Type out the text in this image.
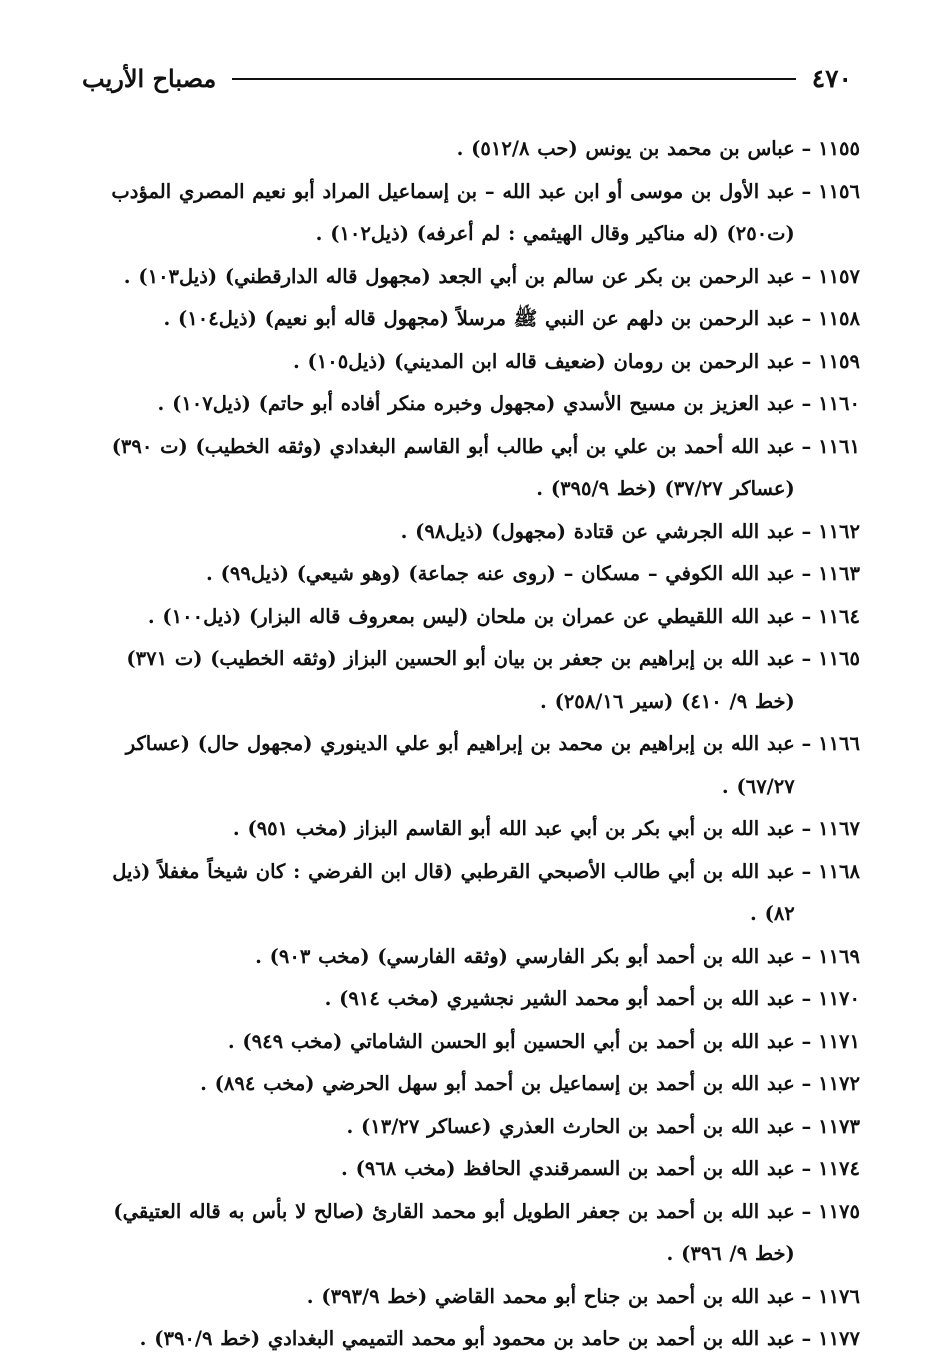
٤٧٠
مصباح الأريب
١١٥٥
–
عباس بن محمد بن يونس (حب ٥١٢/٨) .
١١٥٦
–
عبد الأول بن موسى أو ابن عبد الله – بن إسماعيل المراد أبو نعيم المصري المؤدب (ت٢٥٠) (له مناكير وقال الهيثمي : لم أعرفه) (ذيل١٠٢) .
١١٥٧
–
عبد الرحمن بن بكر عن سالم بن أبي الجعد (مجهول قاله الدارقطني) (ذيل١٠٣) .
١١٥٨
–
عبد الرحمن بن دلهم عن النبي ﷺ مرسلاً (مجهول قاله أبو نعيم) (ذيل١٠٤) .
١١٥٩
–
عبد الرحمن بن رومان (ضعيف قاله ابن المديني) (ذيل١٠٥) .
١١٦٠
–
عبد العزيز بن مسيح الأسدي (مجهول وخبره منكر أفاده أبو حاتم) (ذيل١٠٧) .
١١٦١
–
عبد الله أحمد بن علي بن أبي طالب أبو القاسم البغدادي (وثقه الخطيب) (ت ٣٩٠) (عساكر ٣٧/٢٧) (خط ٣٩٥/٩) .
١١٦٢
–
عبد الله الجرشي عن قتادة (مجهول) (ذيل٩٨) .
١١٦٣
–
عبد الله الكوفي – مسكان – (روى عنه جماعة) (وهو شيعي) (ذيل٩٩) .
١١٦٤
–
عبد الله اللقيطي عن عمران بن ملحان (ليس بمعروف قاله البزار) (ذيل١٠٠) .
١١٦٥
–
عبد الله بن إبراهيم بن جعفر بن بيان أبو الحسين البزاز (وثقه الخطيب) (ت ٣٧١) (خط ٩/ ٤١٠) (سير ٢٥٨/١٦) .
١١٦٦
–
عبد الله بن إبراهيم بن محمد بن إبراهيم أبو علي الدينوري (مجهول حال) (عساكر ٦٧/٢٧) .
١١٦٧
–
عبد الله بن أبي بكر بن أبي عبد الله أبو القاسم البزاز (مخب ٩٥١) .
١١٦٨
–
عبد الله بن أبي طالب الأصبحي القرطبي (قال ابن الفرضي : كان شيخاً مغفلاً (ذيل ٨٢) .
١١٦٩
–
عبد الله بن أحمد أبو بكر الفارسي (وثقه الفارسي) (مخب ٩٠٣) .
١١٧٠
–
عبد الله بن أحمد أبو محمد الشير نجشيري (مخب ٩١٤) .
١١٧١
–
عبد الله بن أحمد بن أبي الحسين أبو الحسن الشاماتي (مخب ٩٤٩) .
١١٧٢
–
عبد الله بن أحمد بن إسماعيل بن أحمد أبو سهل الحرضي (مخب ٨٩٤) .
١١٧٣
–
عبد الله بن أحمد بن الحارث العذري (عساكر ١٣/٢٧) .
١١٧٤
–
عبد الله بن أحمد بن السمرقندي الحافظ (مخب ٩٦٨) .
١١٧٥
–
عبد الله بن أحمد بن جعفر الطويل أبو محمد القارئ (صالح لا بأس به قاله العتيقي) (خط ٩/ ٣٩٦) .
١١٧٦
–
عبد الله بن أحمد بن جناح أبو محمد القاضي (خط ٣٩٣/٩) .
١١٧٧
–
عبد الله بن أحمد بن حامد بن محمود أبو محمد التميمي البغدادي (خط ٣٩٠/٩) .
